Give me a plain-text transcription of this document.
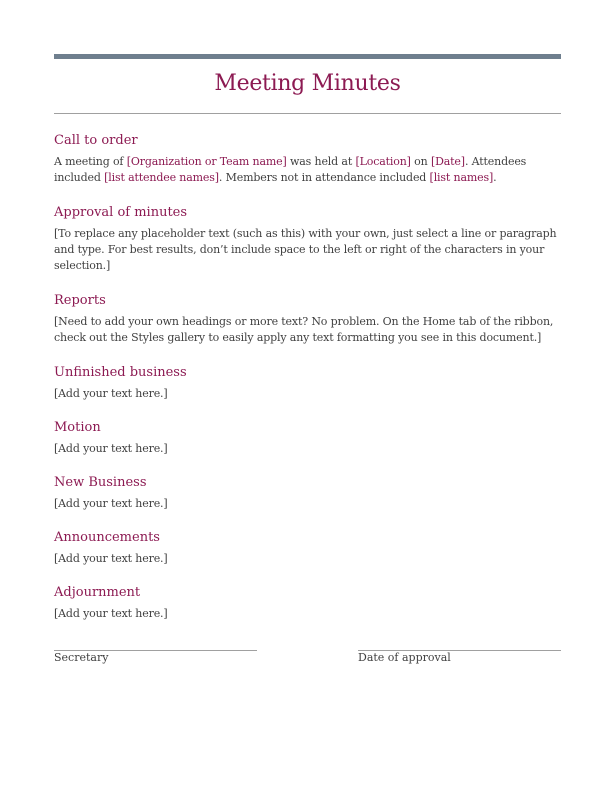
Meeting Minutes
Call to order

A meeting of [Organization or Team name] was held at [Location] on [Date]. Attendees included [list attendee names]. Members not in attendance included [list names].

Approval of minutes

[To replace any placeholder text (such as this) with your own, just select a line or paragraph and type. For best results, don’t include space to the left or right of the characters in your selection.]

Reports

[Need to add your own headings or more text? No problem. On the Home tab of the ribbon, check out the Styles gallery to easily apply any text formatting you see in this document.]

Unfinished business

[Add your text here.]

Motion

[Add your text here.]

New Business

[Add your text here.]

Announcements

[Add your text here.]

Adjournment

[Add your text here.]

Secretary	Date of approval
